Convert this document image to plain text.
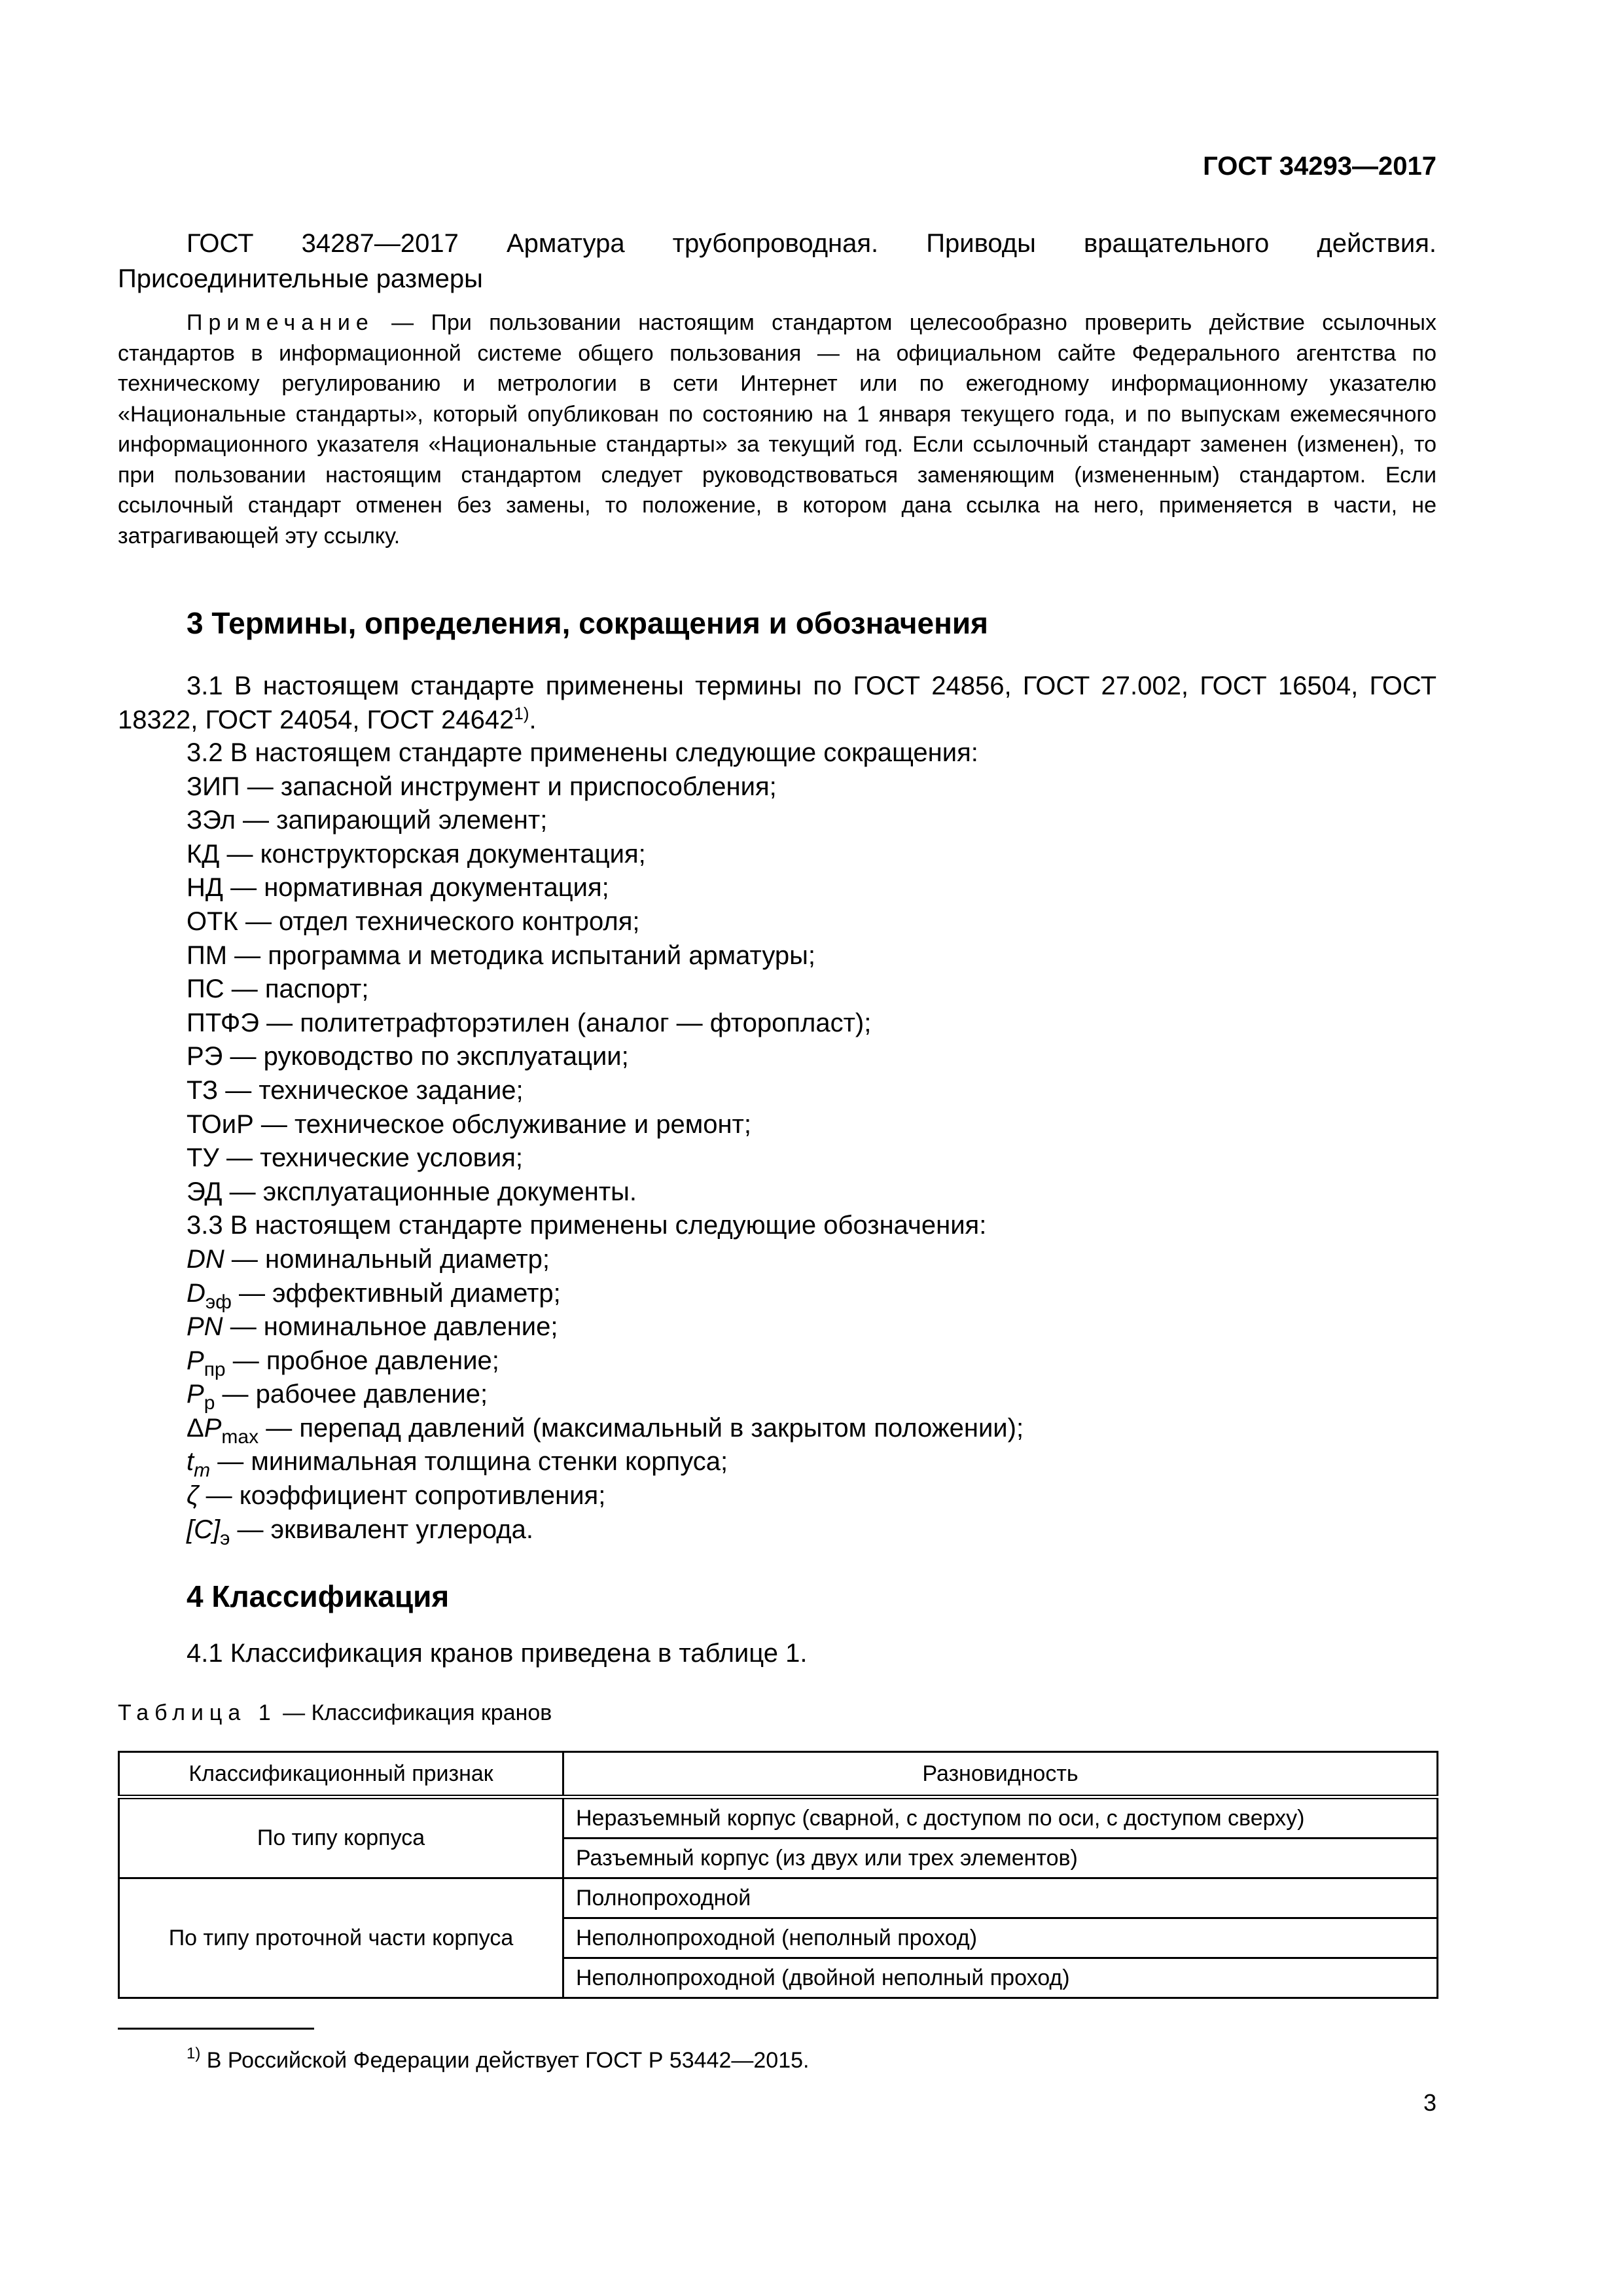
ГОСТ 34293—2017
ГОСТ 34287—2017 Арматура трубопроводная. Приводы вращательного действия. Присоединительные размеры
Примечание — При пользовании настоящим стандартом целесообразно проверить действие ссылочных стандартов в информационной системе общего пользования — на официальном сайте Федерального агентства по техническому регулированию и метрологии в сети Интернет или по ежегодному информационному указателю «Национальные стандарты», который опубликован по состоянию на 1 января текущего года, и по выпускам ежемесячного информационного указателя «Национальные стандарты» за текущий год. Если ссылочный стандарт заменен (изменен), то при пользовании настоящим стандартом следует руководствоваться заменяющим (измененным) стандартом. Если ссылочный стандарт отменен без замены, то положение, в котором дана ссылка на него, применяется в части, не затрагивающей эту ссылку.
3 Термины, определения, сокращения и обозначения
3.1 В настоящем стандарте применены термины по ГОСТ 24856, ГОСТ 27.002, ГОСТ 16504, ГОСТ 18322, ГОСТ 24054, ГОСТ 24642$^{1)}$.
3.2 В настоящем стандарте применены следующие сокращения:
ЗИП — запасной инструмент и приспособления;
ЗЭл — запирающий элемент;
КД — конструкторская документация;
НД — нормативная документация;
ОТК — отдел технического контроля;
ПМ — программа и методика испытаний арматуры;
ПС — паспорт;
ПТФЭ — политетрафторэтилен (аналог — фторопласт);
РЭ — руководство по эксплуатации;
ТЗ — техническое задание;
ТОиР — техническое обслуживание и ремонт;
ТУ — технические условия;
ЭД — эксплуатационные документы.
3.3 В настоящем стандарте применены следующие обозначения:
DN — номинальный диаметр;
$D_{эф}$ — эффективный диаметр;
PN — номинальное давление;
$P_{пр}$ — пробное давление;
$P_р$ — рабочее давление;
$\Delta P_{max}$ — перепад давлений (максимальный в закрытом положении);
$t_m$ — минимальная толщина стенки корпуса;
ζ — коэффициент сопротивления;
$[C]_э$ — эквивалент углерода.
4 Классификация
4.1 Классификация кранов приведена в таблице 1.
Таблица 1 — Классификация кранов
Классификационный признак	Разновидность
По типу корпуса	Неразъемный корпус (сварной, с доступом по оси, с доступом сверху)
	Разъемный корпус (из двух или трех элементов)
По типу проточной части корпуса	Полнопроходной
	Неполнопроходной (неполный проход)
	Неполнопроходной (двойной неполный проход)
$^{1)}$ В Российской Федерации действует ГОСТ Р 53442—2015.
3
